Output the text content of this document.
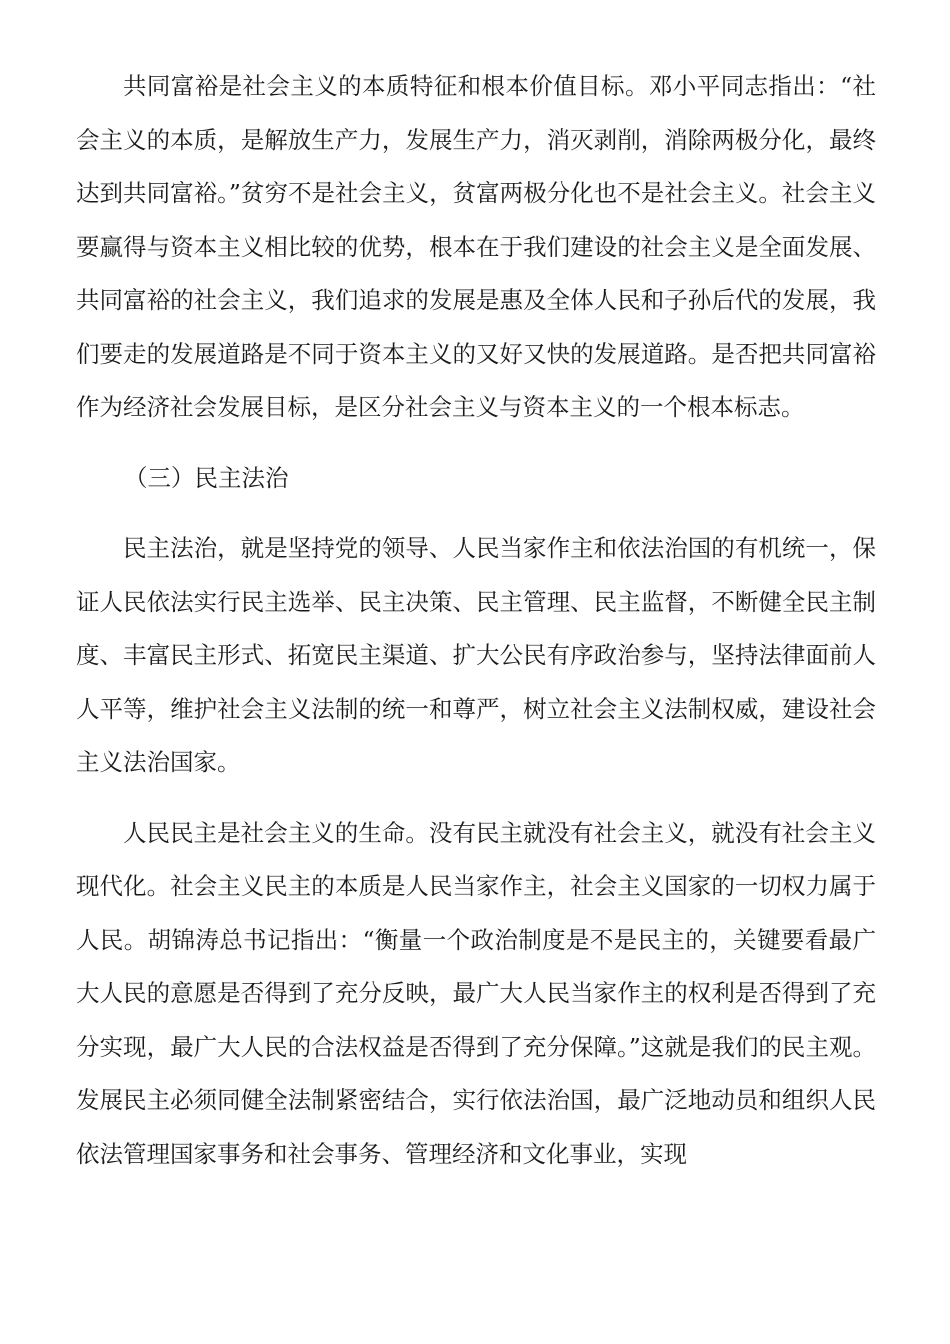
共同富裕是社会主义的本质特征和根本价值目标。邓小平同志指出：“社会主义的本质，是解放生产力，发展生产力，消灭剥削，消除两极分化，最终达到共同富裕。”贫穷不是社会主义，贫富两极分化也不是社会主义。社会主义要赢得与资本主义相比较的优势，根本在于我们建设的社会主义是全面发展、共同富裕的社会主义，我们追求的发展是惠及全体人民和子孙后代的发展，我们要走的发展道路是不同于资本主义的又好又快的发展道路。是否把共同富裕作为经济社会发展目标，是区分社会主义与资本主义的一个根本标志。

（三）民主法治

民主法治，就是坚持党的领导、人民当家作主和依法治国的有机统一，保证人民依法实行民主选举、民主决策、民主管理、民主监督，不断健全民主制度、丰富民主形式、拓宽民主渠道、扩大公民有序政治参与，坚持法律面前人人平等，维护社会主义法制的统一和尊严，树立社会主义法制权威，建设社会主义法治国家。

人民民主是社会主义的生命。没有民主就没有社会主义，就没有社会主义现代化。社会主义民主的本质是人民当家作主，社会主义国家的一切权力属于人民。胡锦涛总书记指出：“衡量一个政治制度是不是民主的，关键要看最广大人民的意愿是否得到了充分反映，最广大人民当家作主的权利是否得到了充分实现，最广大人民的合法权益是否得到了充分保障。”这就是我们的民主观。发展民主必须同健全法制紧密结合，实行依法治国，最广泛地动员和组织人民依法管理国家事务和社会事务、管理经济和文化事业，实现
